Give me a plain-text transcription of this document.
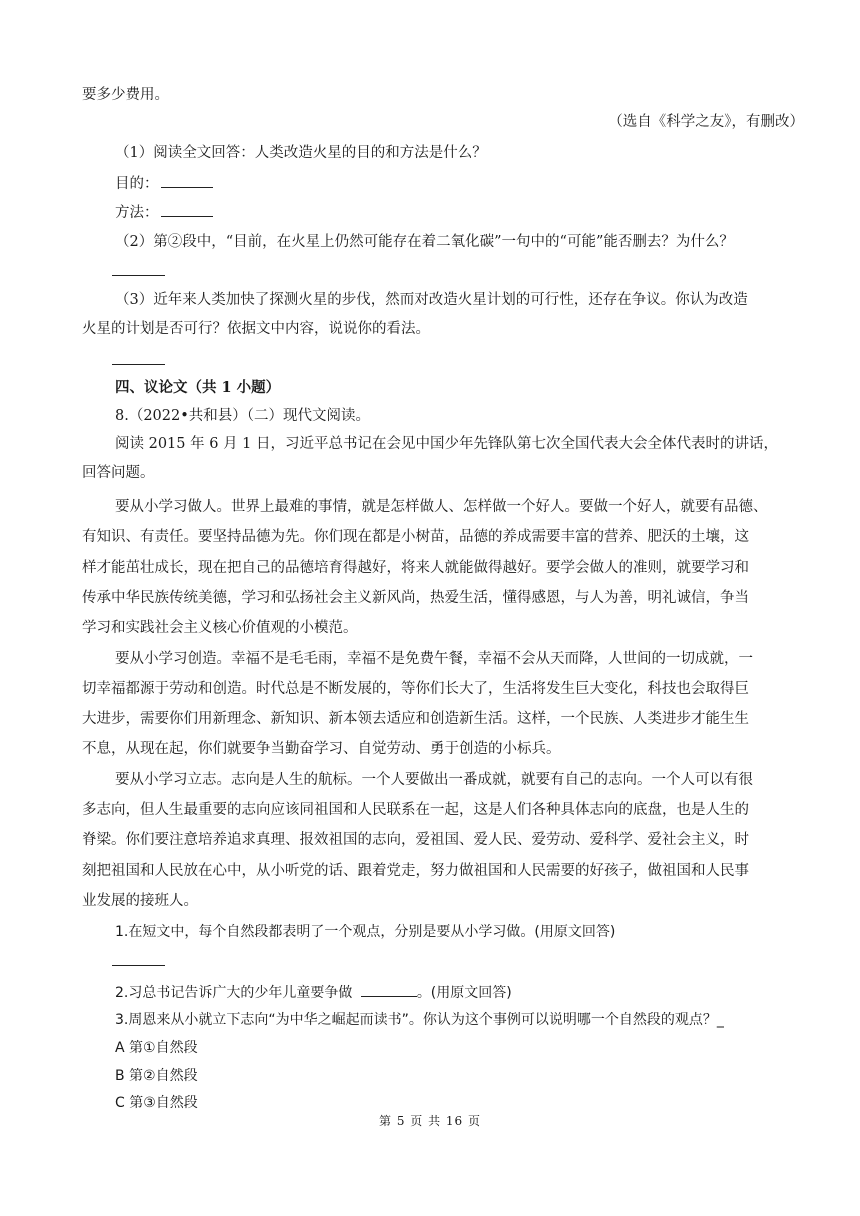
要多少费用。
（选自《科学之友》，有删改）
（1）阅读全文回答：人类改造火星的目的和方法是什么？
目的：
方法：
（2）第②段中，“目前，在火星上仍然可能存在着二氧化碳”一句中的“可能”能否删去？为什么？
（3）近年来人类加快了探测火星的步伐，然而对改造火星计划的可行性，还存在争议。你认为改造
火星的计划是否可行？依据文中内容，说说你的看法。
四、议论文（共 1 小题）
8.（2022•共和县）（二）现代文阅读。
阅读 2015 年 6 月 1 日，习近平总书记在会见中国少年先锋队第七次全国代表大会全体代表时的讲话，
回答问题。
要从小学习做人。世界上最难的事情，就是怎样做人、怎样做一个好人。要做一个好人，就要有品德、
有知识、有责任。要坚持品德为先。你们现在都是小树苗，品德的养成需要丰富的营养、肥沃的土壤，这
样才能茁壮成长，现在把自己的品德培育得越好，将来人就能做得越好。要学会做人的准则，就要学习和
传承中华民族传统美德，学习和弘扬社会主义新风尚，热爱生活，懂得感恩，与人为善，明礼诚信，争当
学习和实践社会主义核心价值观的小模范。
要从小学习创造。幸福不是毛毛雨，幸福不是免费午餐，幸福不会从天而降，人世间的一切成就，一
切幸福都源于劳动和创造。时代总是不断发展的，等你们长大了，生活将发生巨大变化，科技也会取得巨
大进步，需要你们用新理念、新知识、新本领去适应和创造新生活。这样，一个民族、人类进步才能生生
不息，从现在起，你们就要争当勤奋学习、自觉劳动、勇于创造的小标兵。
要从小学习立志。志向是人生的航标。一个人要做出一番成就，就要有自己的志向。一个人可以有很
多志向，但人生最重要的志向应该同祖国和人民联系在一起，这是人们各种具体志向的底盘，也是人生的
脊梁。你们要注意培养追求真理、报效祖国的志向，爱祖国、爱人民、爱劳动、爱科学、爱社会主义，时
刻把祖国和人民放在心中，从小听党的话、跟着党走，努力做祖国和人民需要的好孩子，做祖国和人民事
业发展的接班人。
1.在短文中，每个自然段都表明了一个观点，分别是要从小学习做。(用原文回答)
2.习总书记告诉广大的少年儿童要争做	。(用原文回答)
3.周恩来从小就立下志向“为中华之崛起而读书”。你认为这个事例可以说明哪一个自然段的观点？_
A 第①自然段
B 第②自然段
C 第③自然段
第 5 页 共 16 页
